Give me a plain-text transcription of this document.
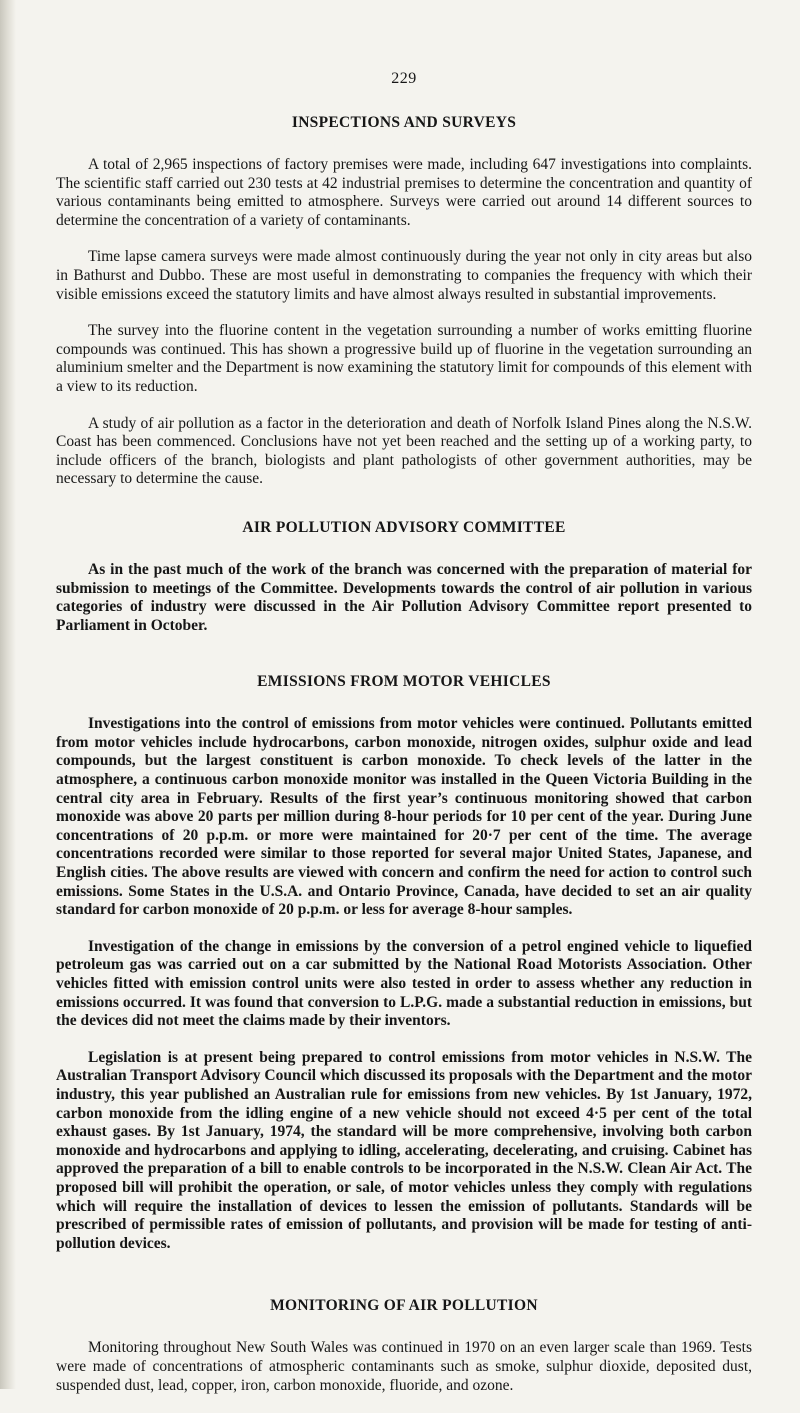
229
INSPECTIONS AND SURVEYS

A total of 2,965 inspections of factory premises were made, including 647 investigations into complaints. The scientific staff carried out 230 tests at 42 industrial premises to determine the concentration and quantity of various contaminants being emitted to atmosphere. Surveys were carried out around 14 different sources to determine the concentration of a variety of contaminants.

Time lapse camera surveys were made almost continuously during the year not only in city areas but also in Bathurst and Dubbo. These are most useful in demonstrating to companies the frequency with which their visible emissions exceed the statutory limits and have almost always resulted in substantial improvements.

The survey into the fluorine content in the vegetation surrounding a number of works emitting fluorine compounds was continued. This has shown a progressive build up of fluorine in the vegetation surrounding an aluminium smelter and the Department is now examining the statutory limit for compounds of this element with a view to its reduction.

A study of air pollution as a factor in the deterioration and death of Norfolk Island Pines along the N.S.W. Coast has been commenced. Conclusions have not yet been reached and the setting up of a working party, to include officers of the branch, biologists and plant pathologists of other government authorities, may be necessary to determine the cause.

AIR POLLUTION ADVISORY COMMITTEE

As in the past much of the work of the branch was concerned with the preparation of material for submission to meetings of the Committee. Developments towards the control of air pollution in various categories of industry were discussed in the Air Pollution Advisory Committee report presented to Parliament in October.

EMISSIONS FROM MOTOR VEHICLES

Investigations into the control of emissions from motor vehicles were continued. Pollutants emitted from motor vehicles include hydrocarbons, carbon monoxide, nitrogen oxides, sulphur oxide and lead compounds, but the largest constituent is carbon monoxide. To check levels of the latter in the atmosphere, a continuous carbon monoxide monitor was installed in the Queen Victoria Building in the central city area in February. Results of the first year’s continuous monitoring showed that carbon monoxide was above 20 parts per million during 8-hour periods for 10 per cent of the year. During June concentrations of 20 p.p.m. or more were maintained for 20·7 per cent of the time. The average concentrations recorded were similar to those reported for several major United States, Japanese, and English cities. The above results are viewed with concern and confirm the need for action to control such emissions. Some States in the U.S.A. and Ontario Province, Canada, have decided to set an air quality standard for carbon monoxide of 20 p.p.m. or less for average 8-hour samples.

Investigation of the change in emissions by the conversion of a petrol engined vehicle to liquefied petroleum gas was carried out on a car submitted by the National Road Motorists Association. Other vehicles fitted with emission control units were also tested in order to assess whether any reduction in emissions occurred. It was found that conversion to L.P.G. made a substantial reduction in emissions, but the devices did not meet the claims made by their inventors.

Legislation is at present being prepared to control emissions from motor vehicles in N.S.W. The Australian Transport Advisory Council which discussed its proposals with the Department and the motor industry, this year published an Australian rule for emissions from new vehicles. By 1st January, 1972, carbon monoxide from the idling engine of a new vehicle should not exceed 4·5 per cent of the total exhaust gases. By 1st January, 1974, the standard will be more comprehensive, involving both carbon monoxide and hydrocarbons and applying to idling, accelerating, decelerating, and cruising. Cabinet has approved the preparation of a bill to enable controls to be incorporated in the N.S.W. Clean Air Act. The proposed bill will prohibit the operation, or sale, of motor vehicles unless they comply with regulations which will require the installation of devices to lessen the emission of pollutants. Standards will be prescribed of permissible rates of emission of pollutants, and provision will be made for testing of anti-pollution devices.

MONITORING OF AIR POLLUTION

Monitoring throughout New South Wales was continued in 1970 on an even larger scale than 1969. Tests were made of concentrations of atmospheric contaminants such as smoke, sulphur dioxide, deposited dust, suspended dust, lead, copper, iron, carbon monoxide, fluoride, and ozone.
